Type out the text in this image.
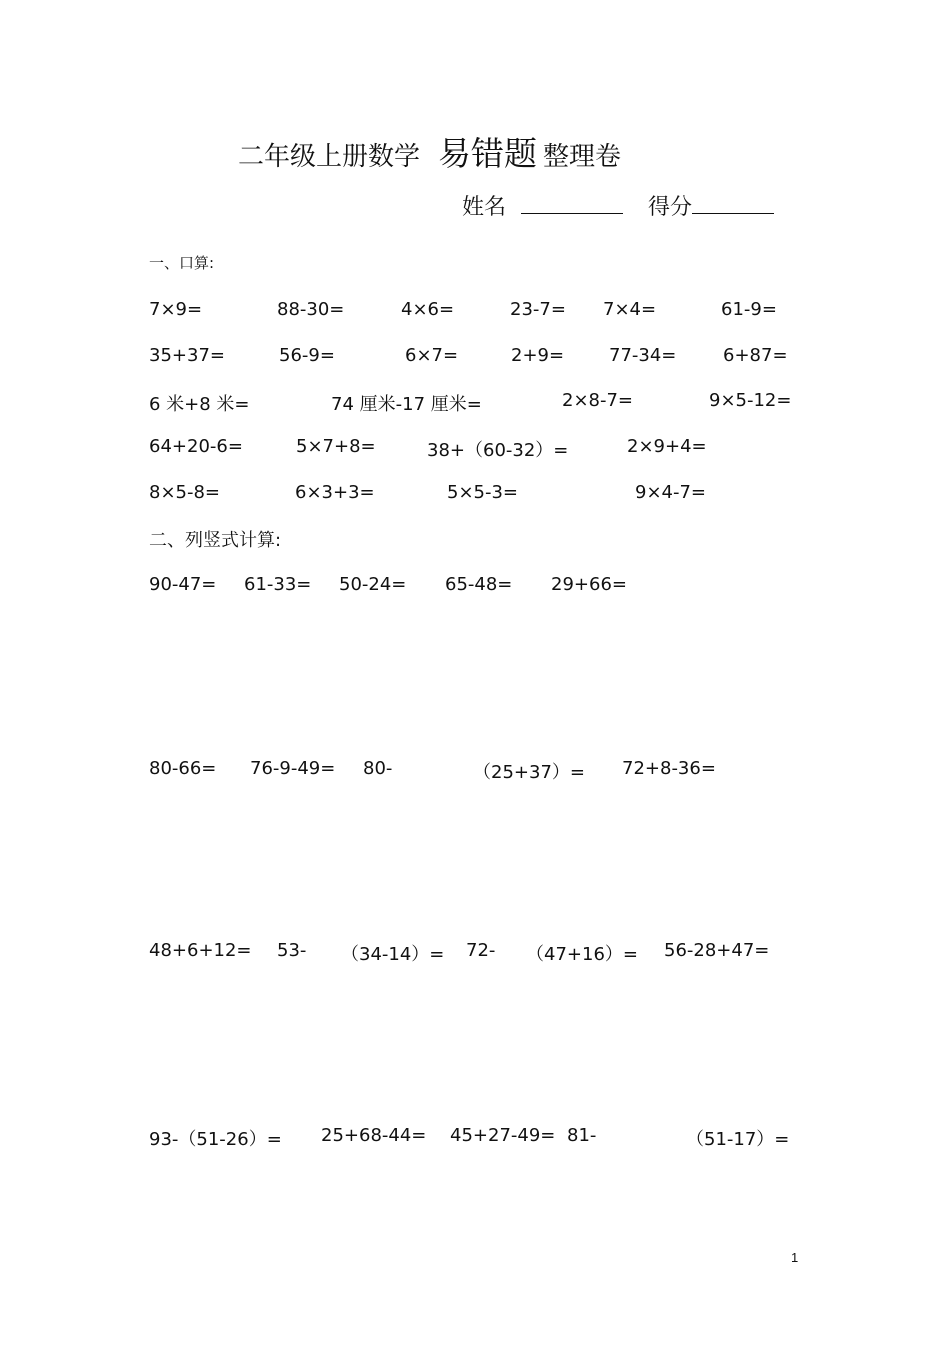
二年级上册数学 易错题 整理卷
姓名	得分
一、口算:
7×9=	88-30=	4×6=	23-7= 7×4=	61-9=
35+37=	56-9=	6×7=	2+9= 77-34=	6+87=
6 米+8 米=	74 厘米-17 厘米=	2×8-7=	9×5-12=
64+20-6=	5×7+8=	38+（60-32）=	2×9+4=
8×5-8=	6×3+3=	5×5-3=	9×4-7=
二、列竖式计算:
90-47= 61-33= 50-24= 65-48= 29+66=
80-66= 76-9-49= 80-	（25+37）= 72+8-36=
48+6+12= 53- （34-14）= 72- （47+16）= 56-28+47=
93-（51-26）= 25+68-44= 45+27-49= 81-	（51-17）=
1
